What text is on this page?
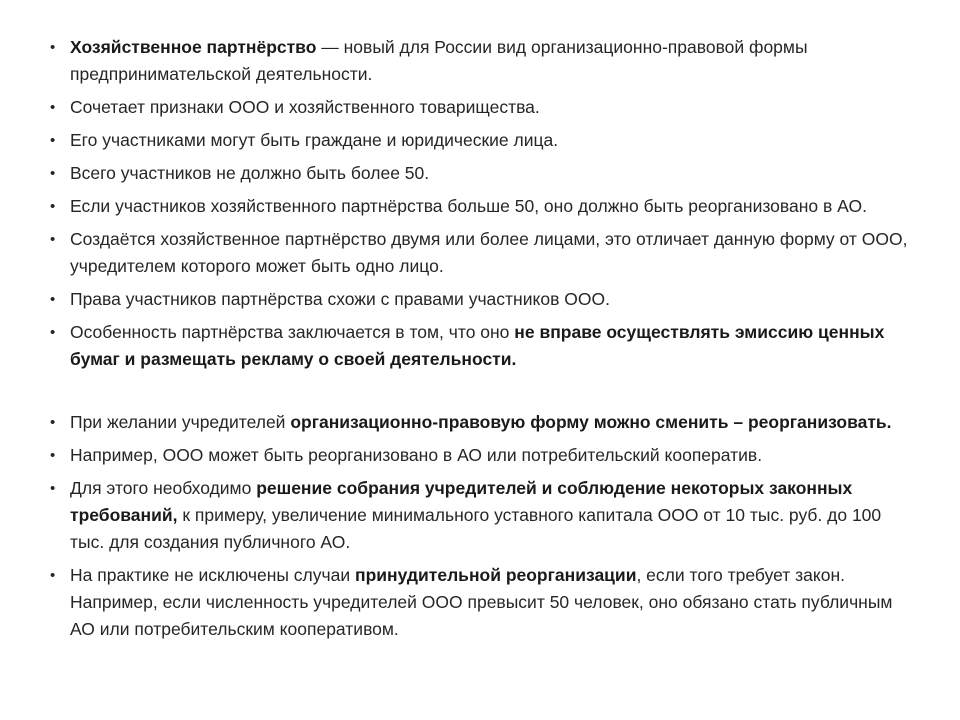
• Хозяйственное партнёрство — новый для России вид организационно-правовой формы предпринимательской деятельности.
• Сочетает признаки ООО и хозяйственного товарищества.
• Его участниками могут быть граждане и юридические лица.
• Всего участников не должно быть более 50.
• Если участников хозяйственного партнёрства больше 50, оно должно быть реорганизовано в АО.
• Создаётся хозяйственное партнёрство двумя или более лицами, это отличает данную форму от ООО, учредителем которого может быть одно лицо.
• Права участников партнёрства схожи с правами участников ООО.
• Особенность партнёрства заключается в том, что оно не вправе осуществлять эмиссию ценных бумаг и размещать рекламу о своей деятельности.
• При желании учредителей организационно-правовую форму можно сменить – реорганизовать.
• Например, ООО может быть реорганизовано в АО или потребительский кооператив.
• Для этого необходимо решение собрания учредителей и соблюдение некоторых законных требований, к примеру, увеличение минимального уставного капитала ООО от 10 тыс. руб. до 100 тыс. для создания публичного АО.
• На практике не исключены случаи принудительной реорганизации, если того требует закон. Например, если численность учредителей ООО превысит 50 человек, оно обязано стать публичным АО или потребительским кооперативом.
